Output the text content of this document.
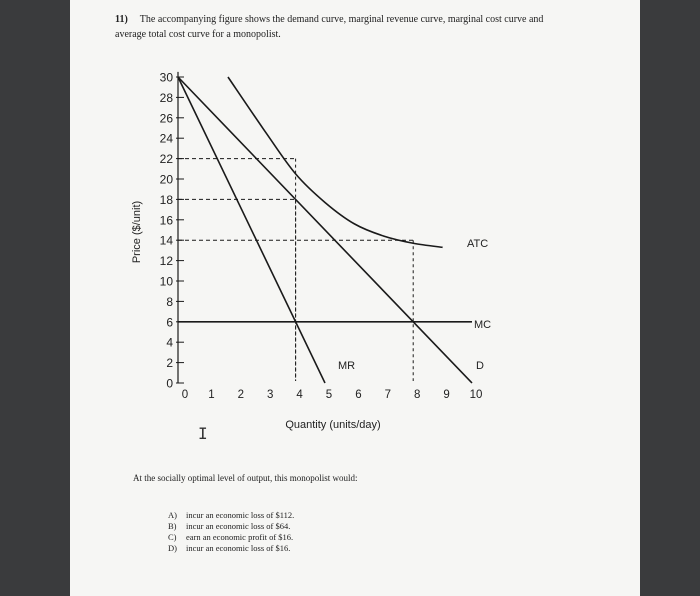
11) The accompanying figure shows the demand curve, marginal revenue curve, marginal cost curve and average total cost curve for a monopolist.
0
2
4
6
8
10
12
14
16
18
20
22
24
26
28
30
0 1 2 3 4 5 6 7 8 9 10
Price ($/unit)
Quantity (units/day)
D
MR
MC
ATC
I
At the socially optimal level of output, this monopolist would:
A) incur an economic loss of $112.
B) incur an economic loss of $64.
C) earn an economic profit of $16.
D) incur an economic loss of $16.
